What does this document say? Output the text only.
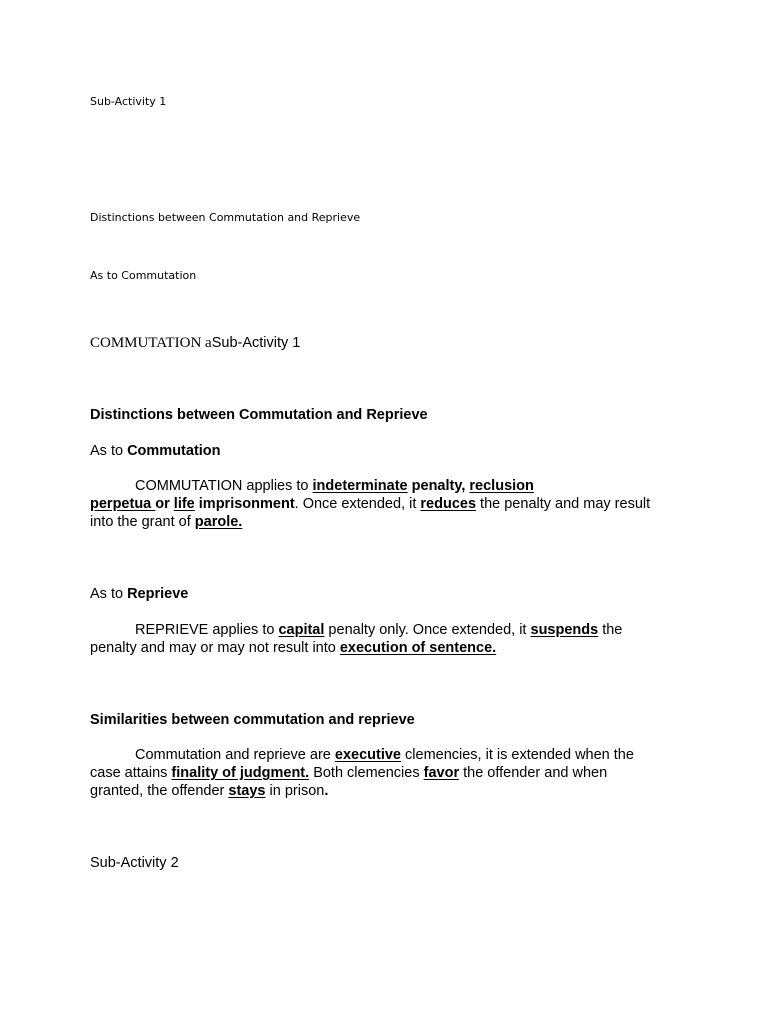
Sub-Activity 1
Distinctions between Commutation and Reprieve
As to Commutation
COMMUTATION aSub-Activity 1
Distinctions between Commutation and Reprieve
As to Commutation
COMMUTATION applies to indeterminate penalty, reclusion
perpetua or life imprisonment. Once extended, it reduces the penalty and may result
into the grant of parole.
As to Reprieve
REPRIEVE applies to capital penalty only. Once extended, it suspends the
penalty and may or may not result into execution of sentence.
Similarities between commutation and reprieve
Commutation and reprieve are executive clemencies, it is extended when the
case attains finality of judgment. Both clemencies favor the offender and when
granted, the offender stays in prison.
Sub-Activity 2
